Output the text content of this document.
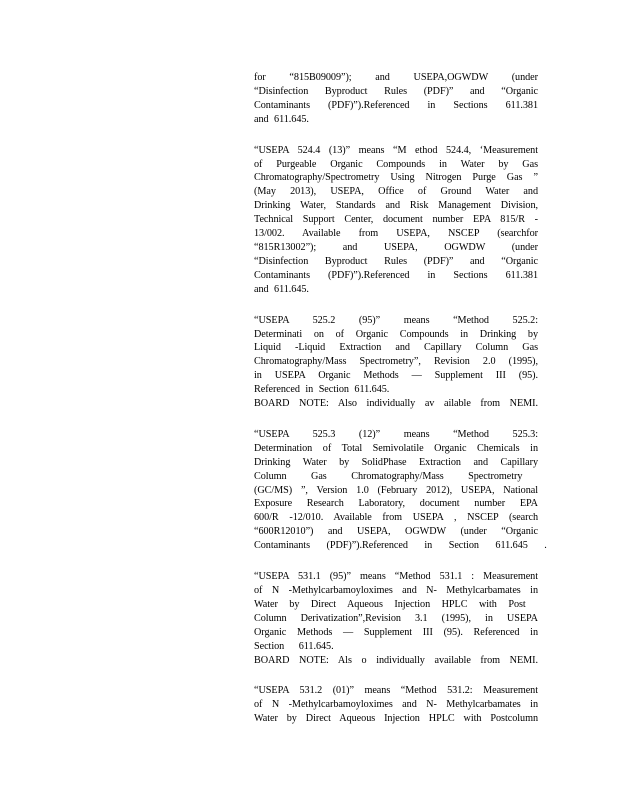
for “815B09009”); and USEPA,OGWDW (under
“Disinfection Byproduct Rules (PDF)” and “Organic
Contaminants (PDF)”).Referenced in Sections 611.381
and 611.645.
“USEPA 524.4 (13)” means “M ethod 524.4, ‘Measurement
of Purgeable Organic Compounds in Water by Gas
Chromatography/Spectrometry Using Nitrogen Purge Gas ”
(May 2013), USEPA, Office of Ground Water and
Drinking Water, Standards and Risk Management Division,
Technical Support Center, document number EPA 815/R -
13/002. Available from USEPA, NSCEP (searchfor
“815R13002”); and USEPA, OGWDW (under
“Disinfection Byproduct Rules (PDF)” and “Organic
Contaminants (PDF)”).Referenced in Sections 611.381
and 611.645.
“USEPA 525.2 (95)” means “Method 525.2:
Determinati on of Organic Compounds in Drinking by
Liquid -Liquid Extraction and Capillary Column Gas
Chromatography/Mass Spectrometry”, Revision 2.0 (1995),
in USEPA Organic Methods — Supplement III (95).
Referenced in Section 611.645.
BOARD NOTE: Also individually av ailable from NEMI.
“USEPA 525.3 (12)” means “Method 525.3:
Determination of Total Semivolatile Organic Chemicals in
Drinking Water by SolidPhase Extraction and Capillary
Column Gas Chromatography/Mass Spectrometry
(GC/MS) ”, Version 1.0 (February 2012), USEPA, National
Exposure Research Laboratory, document number EPA
600/R -12/010. Available from USEPA , NSCEP (search
“600R12010”) and USEPA, OGWDW (under “Organic
Contaminants (PDF)”).Referenced in Section 611.645 .
“USEPA 531.1 (95)” means “Method 531.1 : Measurement
of N -Methylcarbamoyloximes and N- Methylcarbamates in
Water by Direct Aqueous Injection HPLC with Post
Column Derivatization”,Revision 3.1 (1995), in USEPA
Organic Methods — Supplement III (95). Referenced in
Section 611.645.
BOARD NOTE: Als o individually available from NEMI.
“USEPA 531.2 (01)” means “Method 531.2: Measurement
of N -Methylcarbamoyloximes and N- Methylcarbamates in
Water by Direct Aqueous Injection HPLC with Postcolumn
